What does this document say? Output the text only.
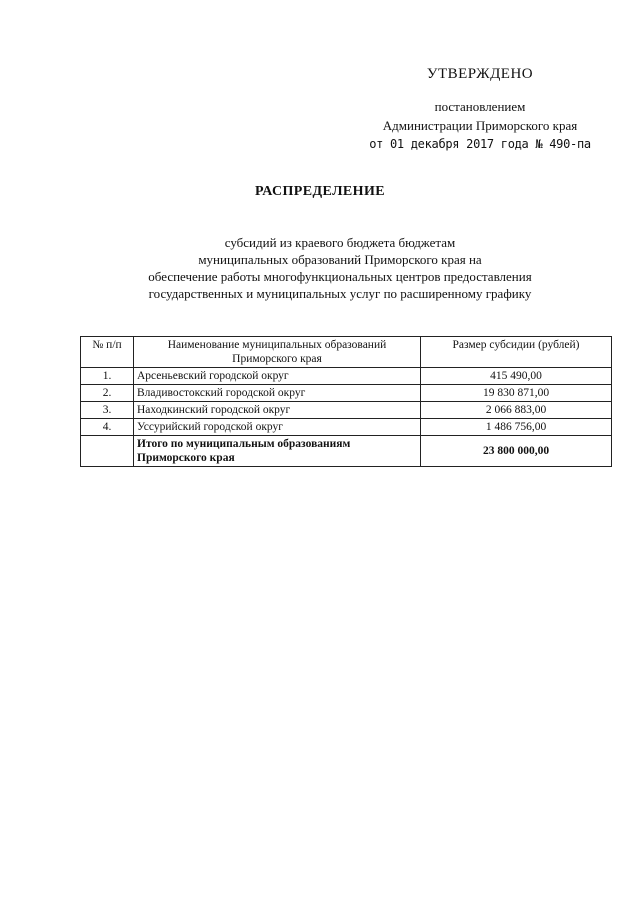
УТВЕРЖДЕНО
постановлением
Администрации Приморского края
от 01 декабря 2017 года № 490-па
РАСПРЕДЕЛЕНИЕ
субсидий из краевого бюджета бюджетам
муниципальных образований Приморского края на
обеспечение работы многофункциональных центров предоставления
государственных и муниципальных услуг по расширенному графику
№ п/п	Наименование муниципальных образований Приморского края	Размер субсидии (рублей)
1.	Арсеньевский городской округ	415 490,00
2.	Владивостокский городской округ	19 830 871,00
3.	Находкинский городской округ	2 066 883,00
4.	Уссурийский городской округ	1 486 756,00
	Итого по муниципальным образованиям Приморского края	23 800 000,00
